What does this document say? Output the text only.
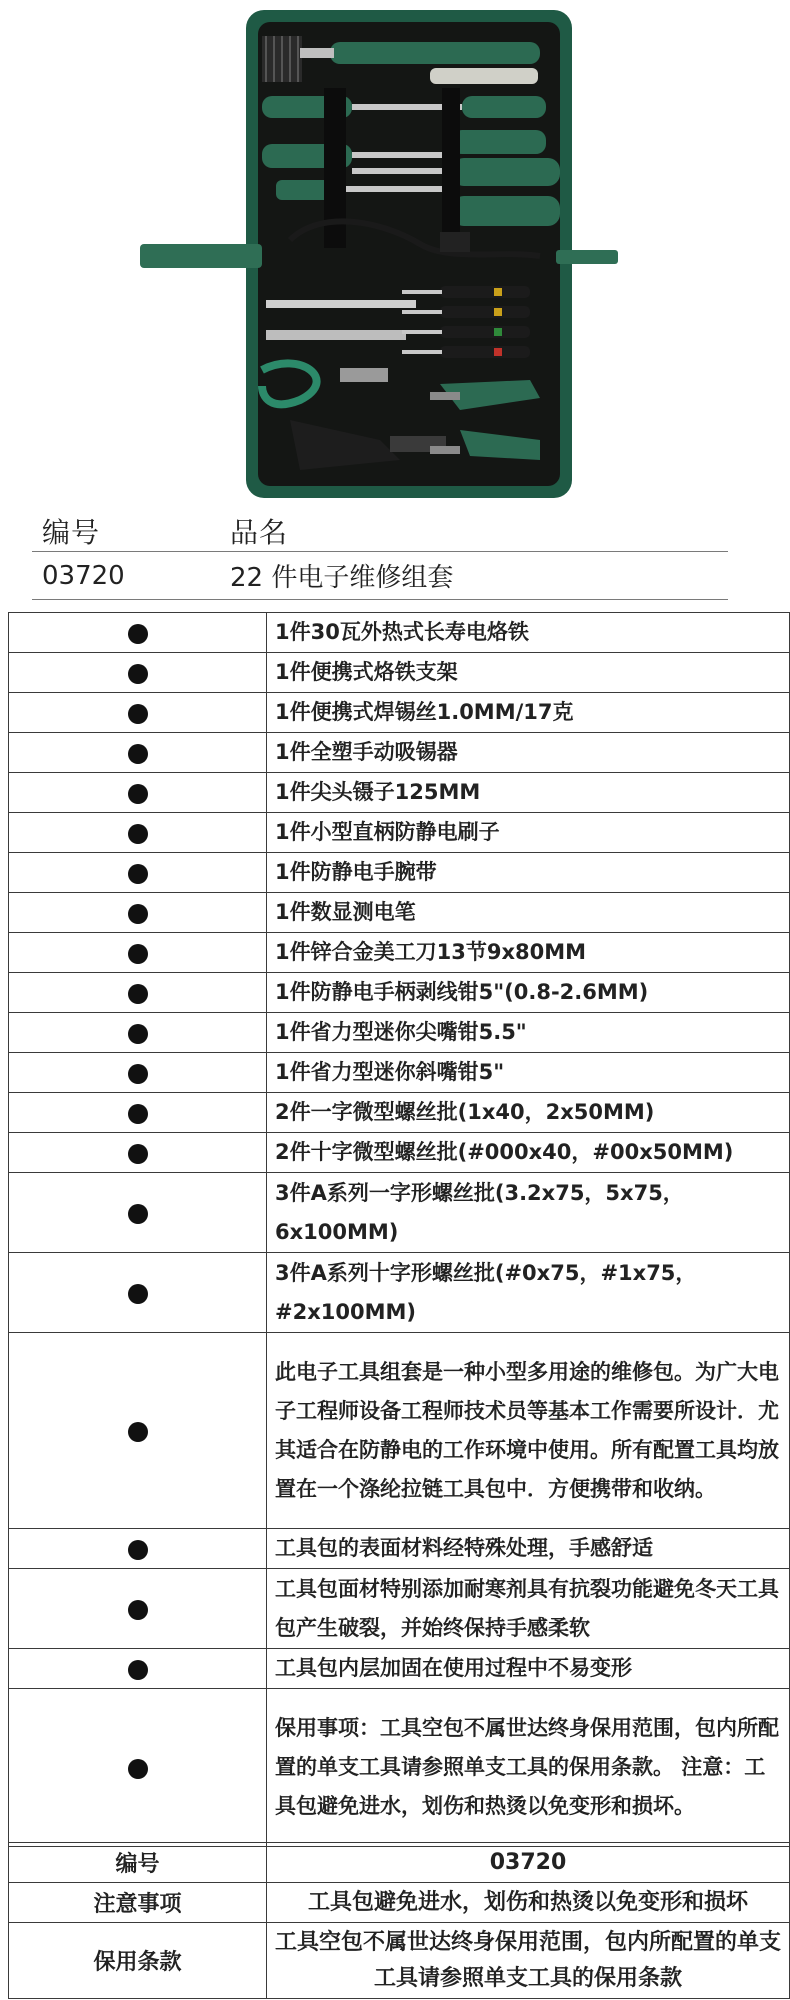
编号	品名
03720	22 件电子维修组套
	1件30瓦外热式长寿电烙铁
	1件便携式烙铁支架
	1件便携式焊锡丝1.0MM/17克
	1件全塑手动吸锡器
	1件尖头镊子125MM
	1件小型直柄防静电刷子
	1件防静电手腕带
	1件数显测电笔
	1件锌合金美工刀13节9x80MM
	1件防静电手柄剥线钳5"(0.8-2.6MM)
	1件省力型迷你尖嘴钳5.5"
	1件省力型迷你斜嘴钳5"
	2件一字微型螺丝批(1x40，2x50MM)
	2件十字微型螺丝批(#000x40，#00x50MM)
	3件A系列一字形螺丝批(3.2x75，5x75，6x100MM)
	3件A系列十字形螺丝批(#0x75，#1x75，#2x100MM)
	此电子工具组套是一种小型多用途的维修包。为广大电子工程师设备工程师技术员等基本工作需要所设计．尤其适合在防静电的工作环境中使用。所有配置工具均放置在一个涤纶拉链工具包中．方便携带和收纳。
	工具包的表面材料经特殊处理，手感舒适
	工具包面材特别添加耐寒剂具有抗裂功能避免冬天工具包产生破裂，并始终保持手感柔软
	工具包内层加固在使用过程中不易变形
	保用事项：工具空包不属世达终身保用范围，包内所配置的单支工具请参照单支工具的保用条款。 注意：工具包避免进水，划伤和热烫以免变形和损坏。
编号	03720
注意事项	工具包避免进水，划伤和热烫以免变形和损坏
保用条款	工具空包不属世达终身保用范围，包内所配置的单支工具请参照单支工具的保用条款
